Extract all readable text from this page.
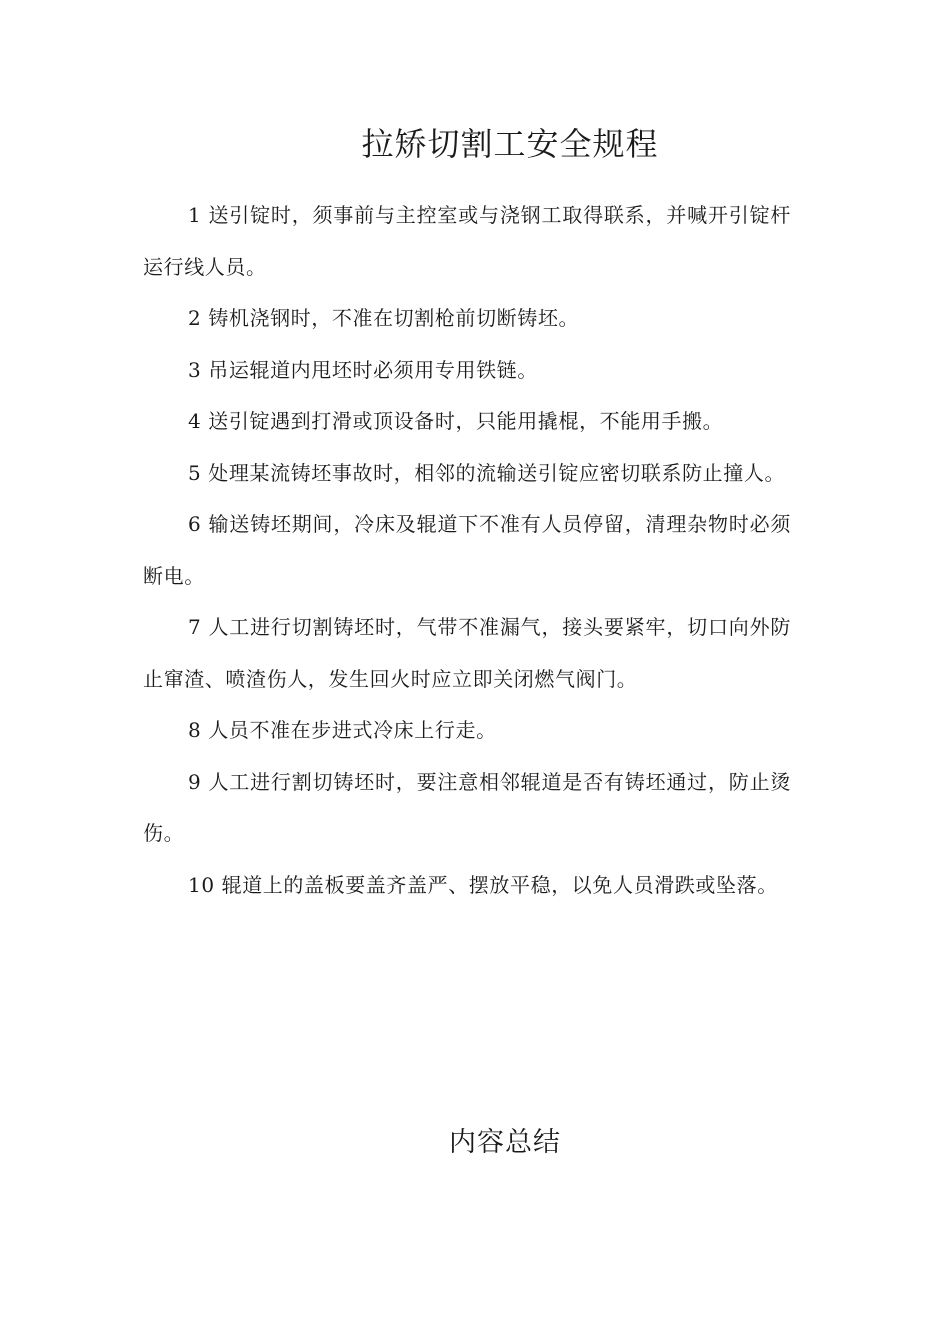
拉矫切割工安全规程

1 送引锭时，须事前与主控室或与浇钢工取得联系，并喊开引锭杆运行线人员。

2 铸机浇钢时，不准在切割枪前切断铸坯。

3 吊运辊道内甩坯时必须用专用铁链。

4 送引锭遇到打滑或顶设备时，只能用撬棍，不能用手搬。

5 处理某流铸坯事故时，相邻的流输送引锭应密切联系防止撞人。

6 输送铸坯期间，冷床及辊道下不准有人员停留，清理杂物时必须断电。

7 人工进行切割铸坯时，气带不准漏气，接头要紧牢，切口向外防止窜渣、喷渣伤人，发生回火时应立即关闭燃气阀门。

8 人员不准在步进式冷床上行走。

9 人工进行割切铸坯时，要注意相邻辊道是否有铸坯通过，防止烫伤。

10 辊道上的盖板要盖齐盖严、摆放平稳，以免人员滑跌或坠落。

内容总结
